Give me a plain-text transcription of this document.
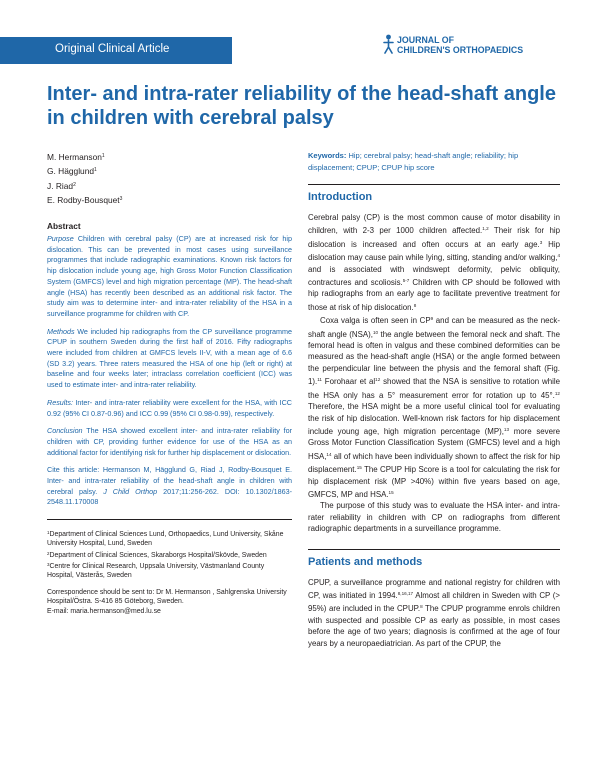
Original Clinical Article
JOURNAL OF
CHILDREN'S ORTHOPAEDICS
Inter- and intra-rater reliability of the head-shaft angle in children with cerebral palsy
M. Hermanson$^1$
G. Hägglund$^1$
J. Riad$^2$
E. Rodby-Bousquet$^3$
Keywords: Hip; cerebral palsy; head-shaft angle; reliability; hip displacement; CPUP; CPUP hip score
Abstract

Purpose Children with cerebral palsy (CP) are at increased risk for hip dislocation. This can be prevented in most cases using surveillance programmes that include radiographic examinations. Known risk factors for hip dislocation include young age, high Gross Motor Function Classification System (GMFCS) level and high migration percentage (MP). The head-shaft angle (HSA) has recently been described as an additional risk factor. The study aim was to determine inter- and intra-rater reliability of the HSA in a surveillance programme for children with CP.

Methods We included hip radiographs from the CP surveillance programme CPUP in southern Sweden during the first half of 2016. Fifty radiographs were included from children at GMFCS levels II-V, with a mean age of 6.6 (SD 3.2) years. Three raters measured the HSA of one hip (left or right) at baseline and four weeks later; intraclass correlation coefficient (ICC) was used to estimate inter- and intra-rater reliability.

Results: Inter- and intra-rater reliability were excellent for the HSA, with ICC 0.92 (95% CI 0.87-0.96) and ICC 0.99 (95% CI 0.98-0.99), respectively.

Conclusion The HSA showed excellent inter- and intra-rater reliability for children with CP, providing further evidence for use of the HSA as an additional factor for identifying risk for further hip displacement or dislocation.

Cite this article: Hermanson M, Hägglund G, Riad J, Rodby-Bousquet E. Inter- and intra-rater reliability of the head-shaft angle in children with cerebral palsy. J Child Orthop 2017;11:256-262. DOI: 10.1302/1863-2548.11.170008

$^1$Department of Clinical Sciences Lund, Orthopaedics, Lund University, Skåne University Hospital, Lund, Sweden

$^2$Department of Clinical Sciences, Skaraborgs Hospital/Skövde, Sweden

$^3$Centre for Clinical Research, Uppsala University, Västmanland County Hospital, Västerås, Sweden

Correspondence should be sent to: Dr M. Hermanson , Sahlgrenska University Hospital/Östra. S-416 85 Göteborg, Sweden.
E-mail: maria.hermanson@med.lu.se

Introduction

Cerebral palsy (CP) is the most common cause of motor disability in children, with 2-3 per 1000 children affected.$^{1,2}$ Their risk for hip dislocation is increased and often occurs at an early age.$^3$ Hip dislocation may cause pain while lying, sitting, standing and/or walking,$^4$ and is associated with windswept deformity, pelvic obliquity, contractures and scoliosis.$^{5-7}$ Children with CP should be followed with hip radiographs from an early age to facilitate preventive treatment for those at risk of hip dislocation.$^8$

Coxa valga is often seen in $CP^9$ and can be measured as the neck-shaft angle (NSA),$^{10}$ the angle between the femoral neck and shaft. The femoral head is often in valgus and these combined deformities can be measured as the head-shaft angle (HSA) or the angle formed between the perpendicular line between the physis and the femoral shaft (Fig. 1).$^{11}$ Forohaar et $al^{12}$ showed that the NSA is sensitive to rotation while the HSA only has a 5° measurement error for rotation up to 45°.$^{12}$ Therefore, the HSA might be a more useful clinical tool for evaluating the risk of hip dislocation. Well-known risk factors for hip displacement include young age, high migration percentage (MP),$^{13}$ more severe Gross Motor Function Classification System (GMFCS) level and a high HSA,$^{14}$ all of which have been individually shown to affect the risk for hip displacement.$^{15}$ The CPUP Hip Score is a tool for calculating the risk for hip displacement risk (MP >40%) within five years based on age, GMFCS, MP and HSA.$^{15}$

The purpose of this study was to evaluate the HSA inter- and intra-rater reliability in children with CP on radiographs from different radiographic departments in a surveillance programme.

Patients and methods

CPUP, a surveillance programme and national registry for children with CP, was initiated in 1994.$^{8,16,17}$ Almost all children in Sweden with CP (> 95%) are included in the CPUP.$^8$ The CPUP programme enrols children with suspected and possible CP as early as possible, in most cases before the age of two years; diagnosis is confirmed at the age of four years by a neuropaediatrician. As part of the CPUP, the
